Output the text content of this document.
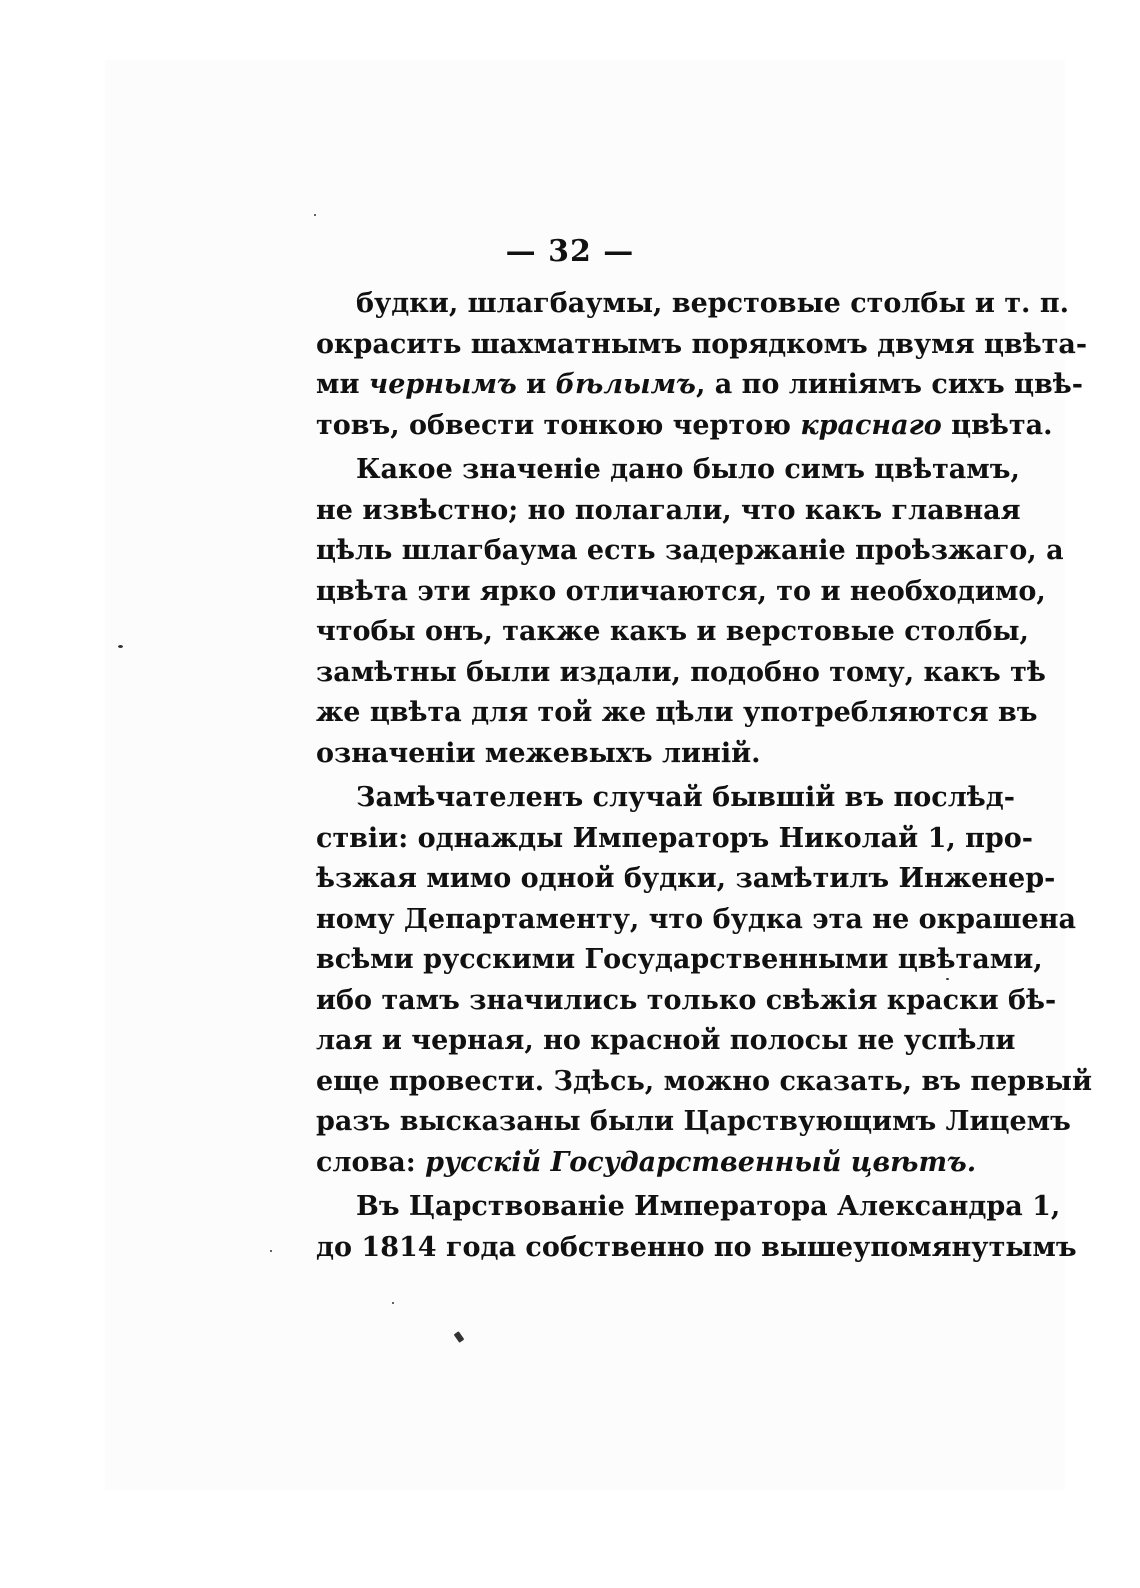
— 32 —
будки, шлагбаумы, верстовые столбы и т. п.
окрасить шахматнымъ порядкомъ двумя цвѣта-
ми чернымъ и бѣлымъ, а по линiямъ сихъ цвѣ-
товъ, обвести тонкою чертою краснаго цвѣта.
Какое значенiе дано было симъ цвѣтамъ,
не извѣстно; но полагали, что какъ главная
цѣль шлагбаума есть задержанiе проѣзжаго, а
цвѣта эти ярко отличаются, то и необходимо,
чтобы онъ, также какъ и верстовые столбы,
замѣтны были издали, подобно тому, какъ тѣ
же цвѣта для той же цѣли употребляются въ
означенiи межевыхъ линiй.
Замѣчателенъ случай бывшiй въ послѣд-
ствiи: однажды Императоръ Николай 1, про-
ѣзжая мимо одной будки, замѣтилъ Инженер-
ному Департаменту, что будка эта не окрашена
всѣми русскими Государственными цвѣтами,
ибо тамъ значились только свѣжiя краски бѣ-
лая и черная, но красной полосы не успѣли
еще провести. Здѣсь, можно сказать, въ первый
разъ высказаны были Царствующимъ Лицемъ
слова: русскiй Государственный цвѣтъ.
Въ Царствованiе Императора Александра 1,
до 1814 года собственно по вышеупомянутымъ
